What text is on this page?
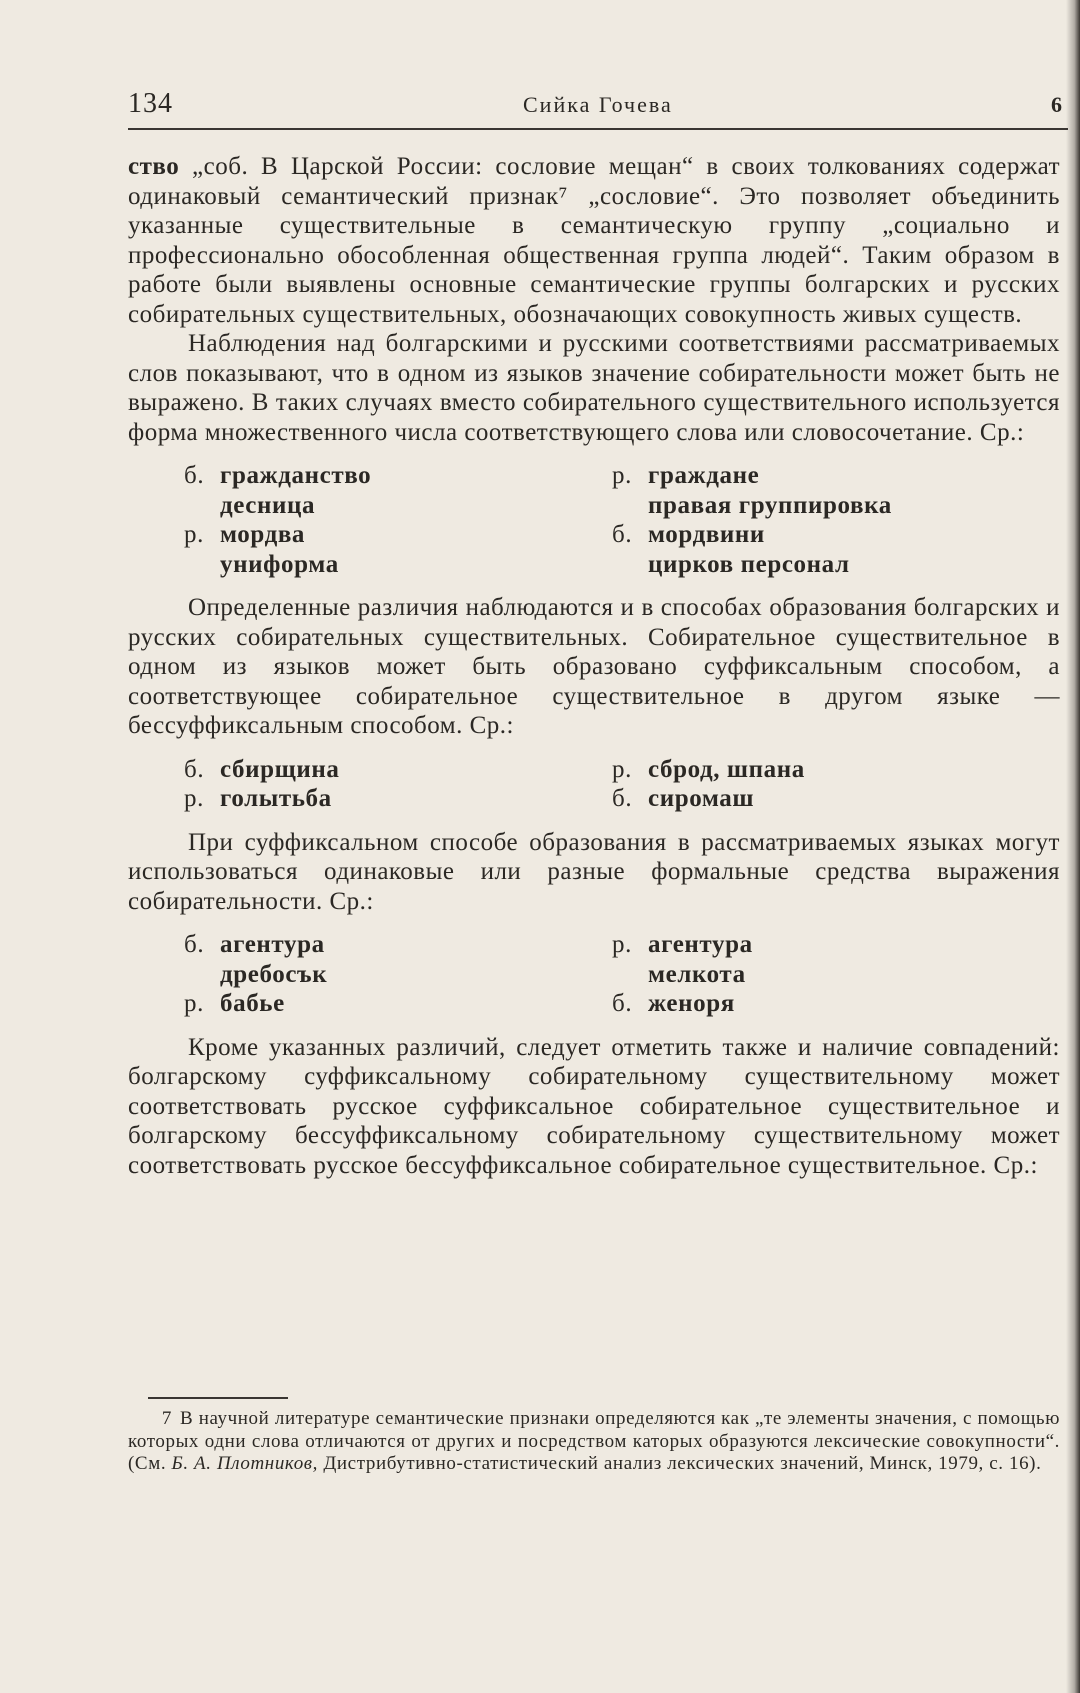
134	Сийка Гочева	6

ство „соб. В Царской России: сословие мещан“ в своих толкованиях содержат одинаковый семантический признак⁷ „сословие“. Это позволяет объединить указанные существительные в семантическую группу „социально и профессионально обособленная общественная группа людей“. Таким образом в работе были выявлены основные семантические группы болгарских и русских собирательных существительных, обозначающих совокупность живых существ.

Наблюдения над болгарскими и русскими соответствиями рассматриваемых слов показывают, что в одном из языков значение собирательности может быть не выражено. В таких случаях вместо собирательного существительного используется форма множественного числа соответствующего слова или словосочетание. Ср.:

б. гражданство	р. граждане
десница	правая группировка
р. мордва	б. мордвини
униформа	цирков персонал

Определенные различия наблюдаются и в способах образования болгарских и русских собирательных существительных. Собирательное существительное в одном из языков может быть образовано суффиксальным способом, а соответствующее собирательное существительное в другом языке — бессуффиксальным способом. Ср.:

б. сбирщина	р. сброд, шпана
р. голытьба	б. сиромаш

При суффиксальном способе образования в рассматриваемых языках могут использоваться одинаковые или разные формальные средства выражения собирательности. Ср.:

б. агентура	р. агентура
дребосък	мелкота
р. бабье	б. женоря

Кроме указанных различий, следует отметить также и наличие совпадений: болгарскому суффиксальному собирательному существительному может соответствовать русское суффиксальное собирательное существительное и болгарскому бессуффиксальному собирательному существительному может соответствовать русское бессуффиксальное собирательное существительное. Ср.:

7 В научной литературе семантические признаки определяются как „те элементы значения, с помощью которых одни слова отличаются от других и посредством каторых образуются лексические совокупности“. (См. Б. А. Плотников, Дистрибутивно-статистический анализ лексических значений, Минск, 1979, с. 16).
